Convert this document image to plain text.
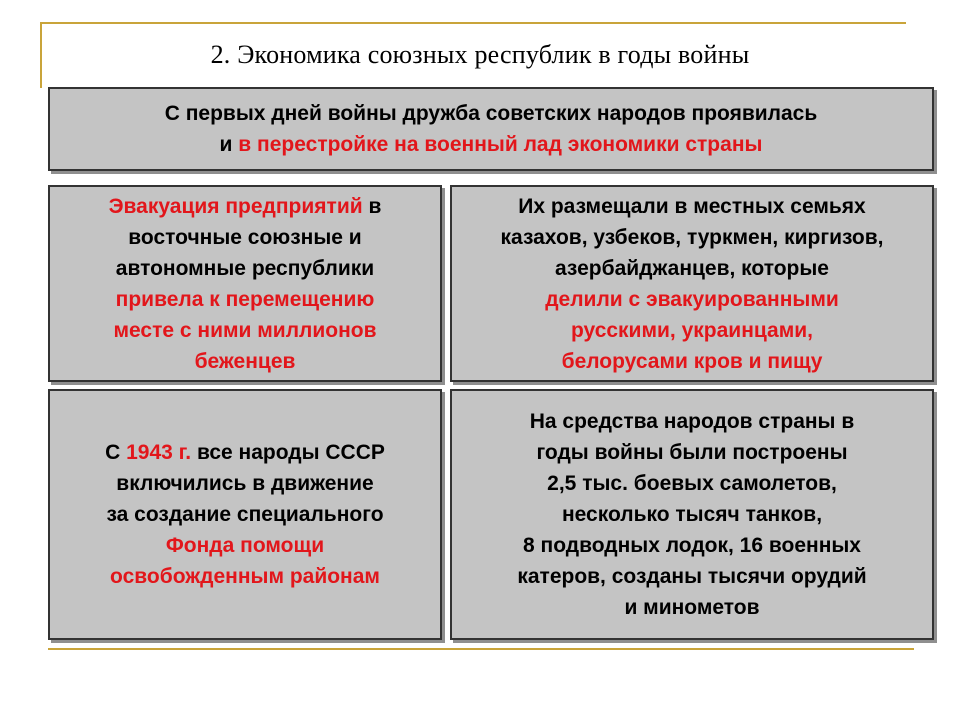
2. Экономика союзных республик в годы войны
С первых дней войны дружба советских народов проявилась
и в перестройке на военный лад экономики страны
Эвакуация предприятий в
восточные союзные и
автономные республики
привела к перемещению
месте с ними миллионов
беженцев
Их размещали в местных семьях
казахов, узбеков, туркмен, киргизов,
азербайджанцев, которые
делили с эвакуированными
русскими, украинцами,
белорусами кров и пищу
С 1943 г. все народы СССР
включились в движение
за создание специального
Фонда помощи
освобожденным районам
На средства народов страны в
годы войны были построены
2,5 тыс. боевых самолетов,
несколько тысяч танков,
8 подводных лодок, 16 военных
катеров, созданы тысячи орудий
и минометов
